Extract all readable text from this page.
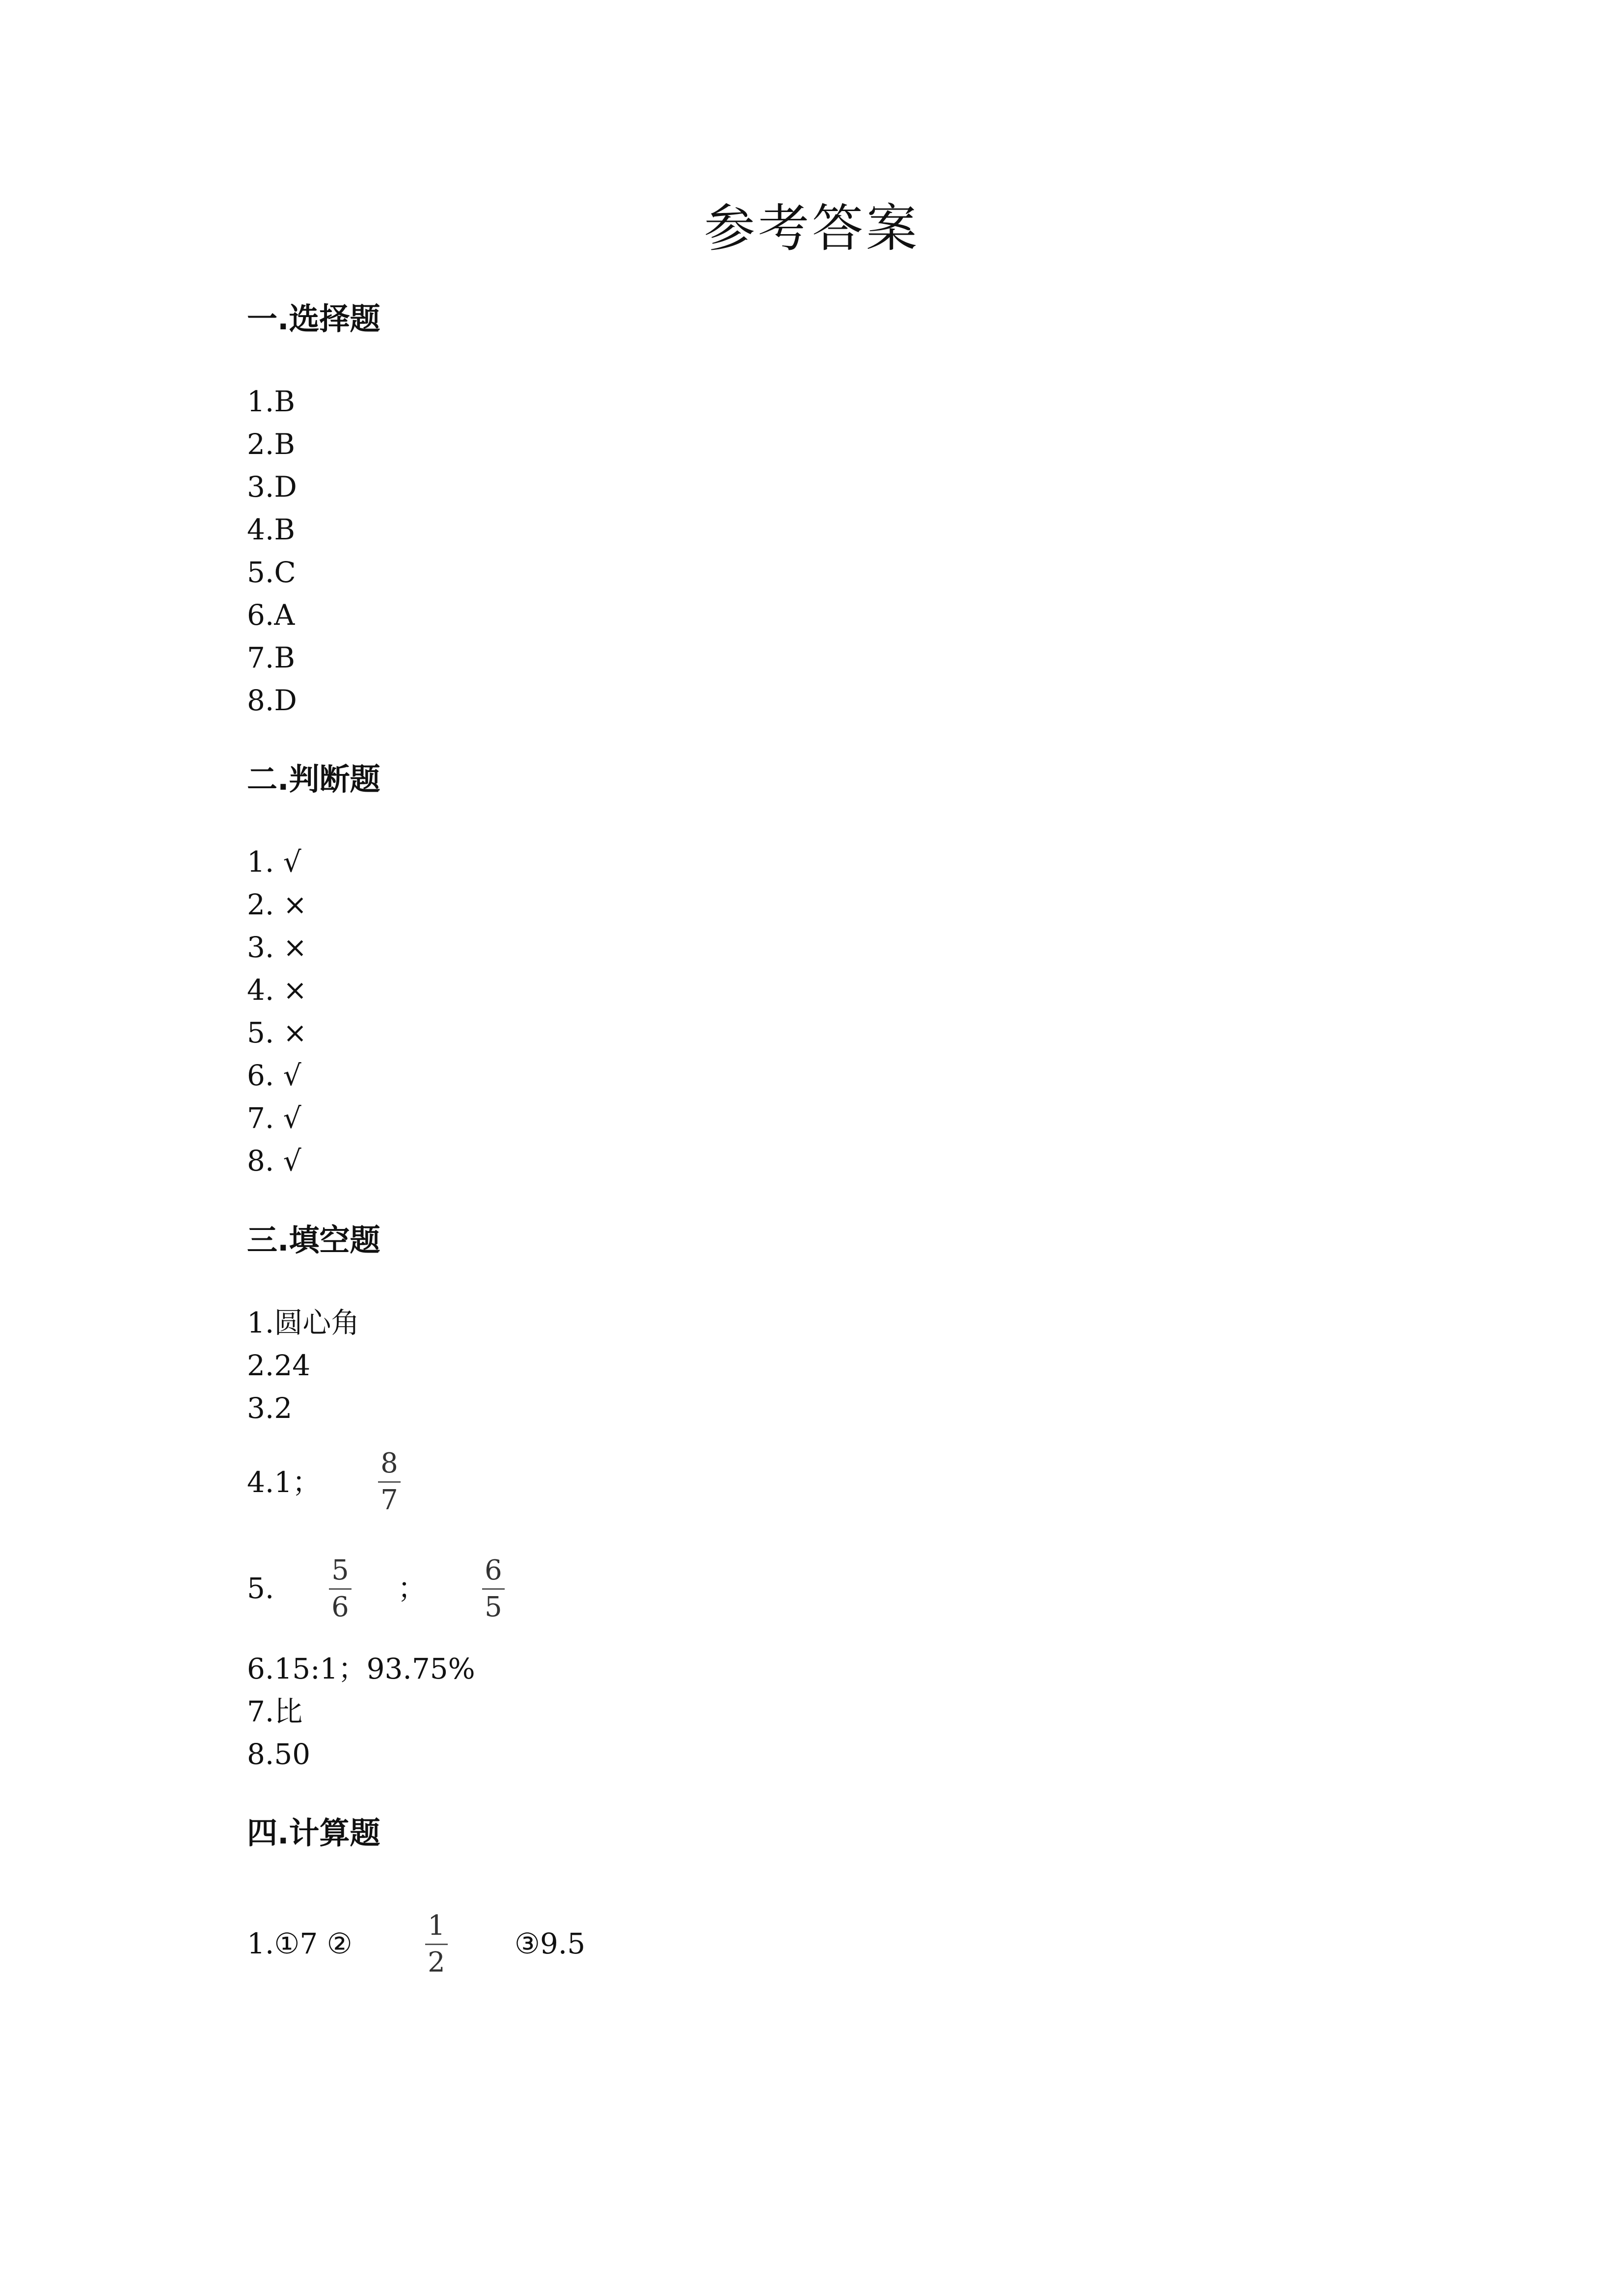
参考答案
一.选择题
1.B
2.B
3.D
4.B
5.C
6.A
7.B
8.D
二.判断题
1. √
2. ×
3. ×
4. ×
5. ×
6. √
7. √
8. √
三.填空题
1.圆心角
2.24
3.2
4.1；
8
7
5.
5
6
；
6
5
6.15:1；93.75%
7.比
8.50
四.计算题
1.①7 ②
1
2
③9.5
